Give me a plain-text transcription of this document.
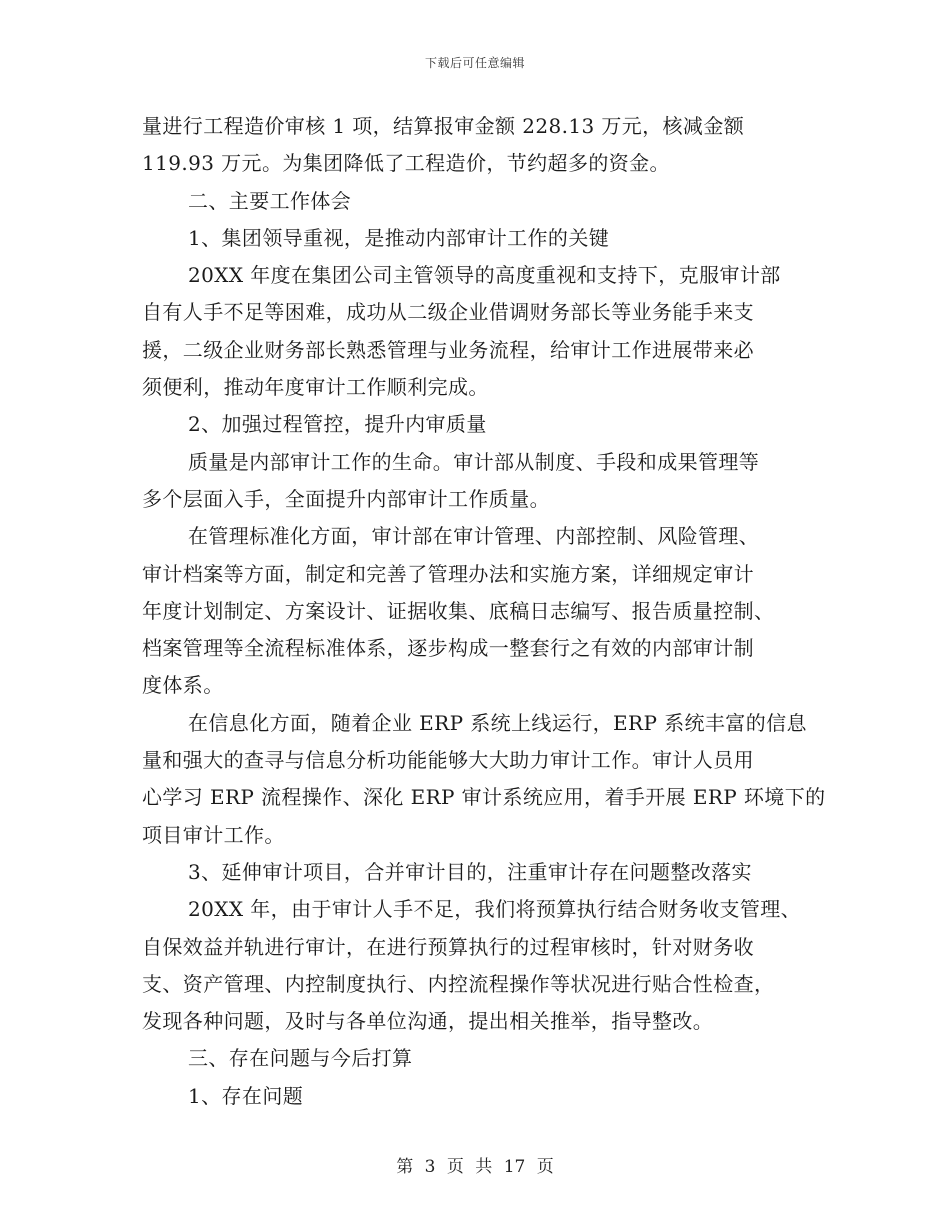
下载后可任意编辑
量进行工程造价审核 1 项，结算报审金额 228.13 万元，核减金额
119.93 万元。为集团降低了工程造价，节约超多的资金。
二、主要工作体会
1、集团领导重视，是推动内部审计工作的关键
20XX 年度在集团公司主管领导的高度重视和支持下，克服审计部
自有人手不足等困难，成功从二级企业借调财务部长等业务能手来支
援，二级企业财务部长熟悉管理与业务流程，给审计工作进展带来必
须便利，推动年度审计工作顺利完成。
2、加强过程管控，提升内审质量
质量是内部审计工作的生命。审计部从制度、手段和成果管理等
多个层面入手，全面提升内部审计工作质量。
在管理标准化方面，审计部在审计管理、内部控制、风险管理、
审计档案等方面，制定和完善了管理办法和实施方案，详细规定审计
年度计划制定、方案设计、证据收集、底稿日志编写、报告质量控制、
档案管理等全流程标准体系，逐步构成一整套行之有效的内部审计制
度体系。
在信息化方面，随着企业 ERP 系统上线运行，ERP 系统丰富的信息
量和强大的查寻与信息分析功能能够大大助力审计工作。审计人员用
心学习 ERP 流程操作、深化 ERP 审计系统应用，着手开展 ERP 环境下的
项目审计工作。
3、延伸审计项目，合并审计目的，注重审计存在问题整改落实
20XX 年，由于审计人手不足，我们将预算执行结合财务收支管理、
自保效益并轨进行审计，在进行预算执行的过程审核时，针对财务收
支、资产管理、内控制度执行、内控流程操作等状况进行贴合性检查，
发现各种问题，及时与各单位沟通，提出相关推举，指导整改。
三、存在问题与今后打算
1、存在问题
第 3 页 共 17 页
